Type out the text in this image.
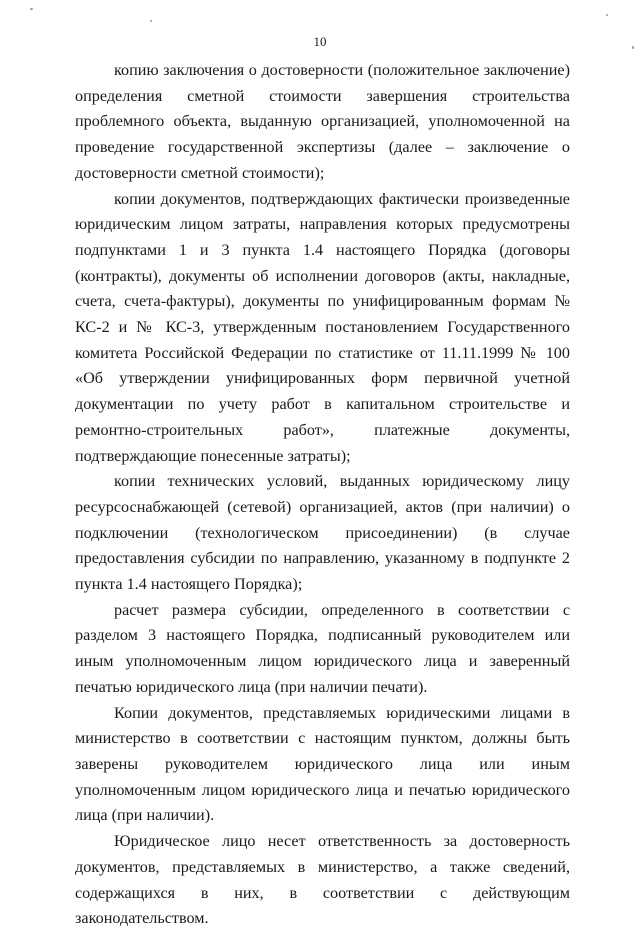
10

копию заключения о достоверности (положительное заключение) определения сметной стоимости завершения строительства проблемного объекта, выданную организацией, уполномоченной на проведение государственной экспертизы (далее – заключение о достоверности сметной стоимости);

копии документов, подтверждающих фактически произведенные юридическим лицом затраты, направления которых предусмотрены подпунктами 1 и 3 пункта 1.4 настоящего Порядка (договоры (контракты), документы об исполнении договоров (акты, накладные, счета, счета-фактуры), документы по унифицированным формам № КС-2 и № КС-3, утвержденным постановлением Государственного комитета Российской Федерации по статистике от 11.11.1999 № 100 «Об утверждении унифицированных форм первичной учетной документации по учету работ в капитальном строительстве и ремонтно-строительных работ», платежные документы, подтверждающие понесенные затраты);

копии технических условий, выданных юридическому лицу ресурсоснабжающей (сетевой) организацией, актов (при наличии) о подключении (технологическом присоединении) (в случае предоставления субсидии по направлению, указанному в подпункте 2 пункта 1.4 настоящего Порядка);

расчет размера субсидии, определенного в соответствии с разделом 3 настоящего Порядка, подписанный руководителем или иным уполномоченным лицом юридического лица и заверенный печатью юридического лица (при наличии печати).

Копии документов, представляемых юридическими лицами в министерство в соответствии с настоящим пунктом, должны быть заверены руководителем юридического лица или иным уполномоченным лицом юридического лица и печатью юридического лица (при наличии).

Юридическое лицо несет ответственность за достоверность документов, представляемых в министерство, а также сведений, содержащихся в них, в соответствии с действующим законодательством.
